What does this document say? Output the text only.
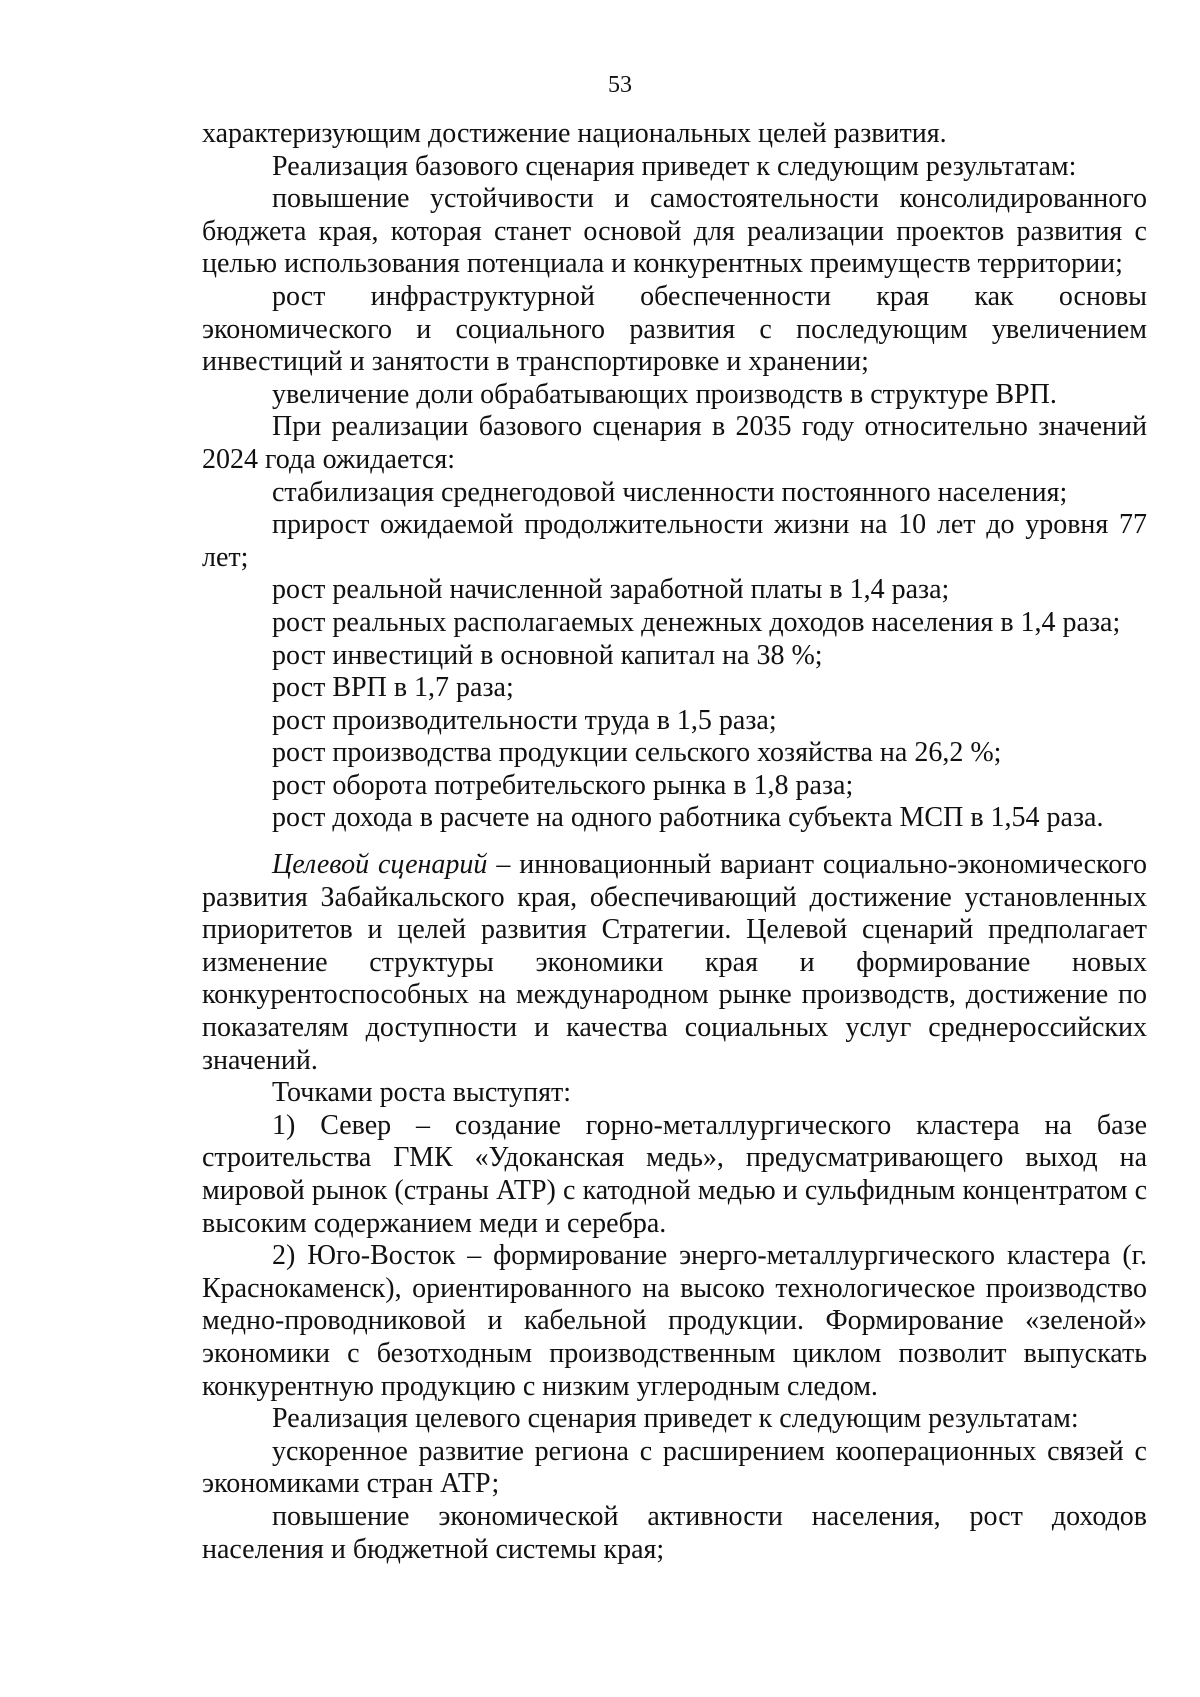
53

характеризующим достижение национальных целей развития.

Реализация базового сценария приведет к следующим результатам:

повышение устойчивости и самостоятельности консолидированного бюджета края, которая станет основой для реализации проектов развития с целью использования потенциала и конкурентных преимуществ территории;

рост инфраструктурной обеспеченности края как основы экономического и социального развития с последующим увеличением инвестиций и занятости в транспортировке и хранении;

увеличение доли обрабатывающих производств в структуре ВРП.

При реализации базового сценария в 2035 году относительно значений 2024 года ожидается:

стабилизация среднегодовой численности постоянного населения;

прирост ожидаемой продолжительности жизни на 10 лет до уровня 77 лет;

рост реальной начисленной заработной платы в 1,4 раза;

рост реальных располагаемых денежных доходов населения в 1,4 раза;

рост инвестиций в основной капитал на 38 %;

рост ВРП в 1,7 раза;

рост производительности труда в 1,5 раза;

рост производства продукции сельского хозяйства на 26,2 %;

рост оборота потребительского рынка в 1,8 раза;

рост дохода в расчете на одного работника субъекта МСП в 1,54 раза.

Целевой сценарий – инновационный вариант социально-экономического развития Забайкальского края, обеспечивающий достижение установленных приоритетов и целей развития Стратегии. Целевой сценарий предполагает изменение структуры экономики края и формирование новых конкурентоспособных на международном рынке производств, достижение по показателям доступности и качества социальных услуг среднероссийских значений.

Точками роста выступят:

1) Север – создание горно-металлургического кластера на базе строительства ГМК «Удоканская медь», предусматривающего выход на мировой рынок (страны АТР) с катодной медью и сульфидным концентратом с высоким содержанием меди и серебра.

2) Юго-Восток – формирование энерго-металлургического кластера (г. Краснокаменск), ориентированного на высоко технологическое производство медно-проводниковой и кабельной продукции. Формирование «зеленой» экономики с безотходным производственным циклом позволит выпускать конкурентную продукцию с низким углеродным следом.

Реализация целевого сценария приведет к следующим результатам:

ускоренное развитие региона с расширением кооперационных связей с экономиками стран АТР;

повышение экономической активности населения, рост доходов населения и бюджетной системы края;
